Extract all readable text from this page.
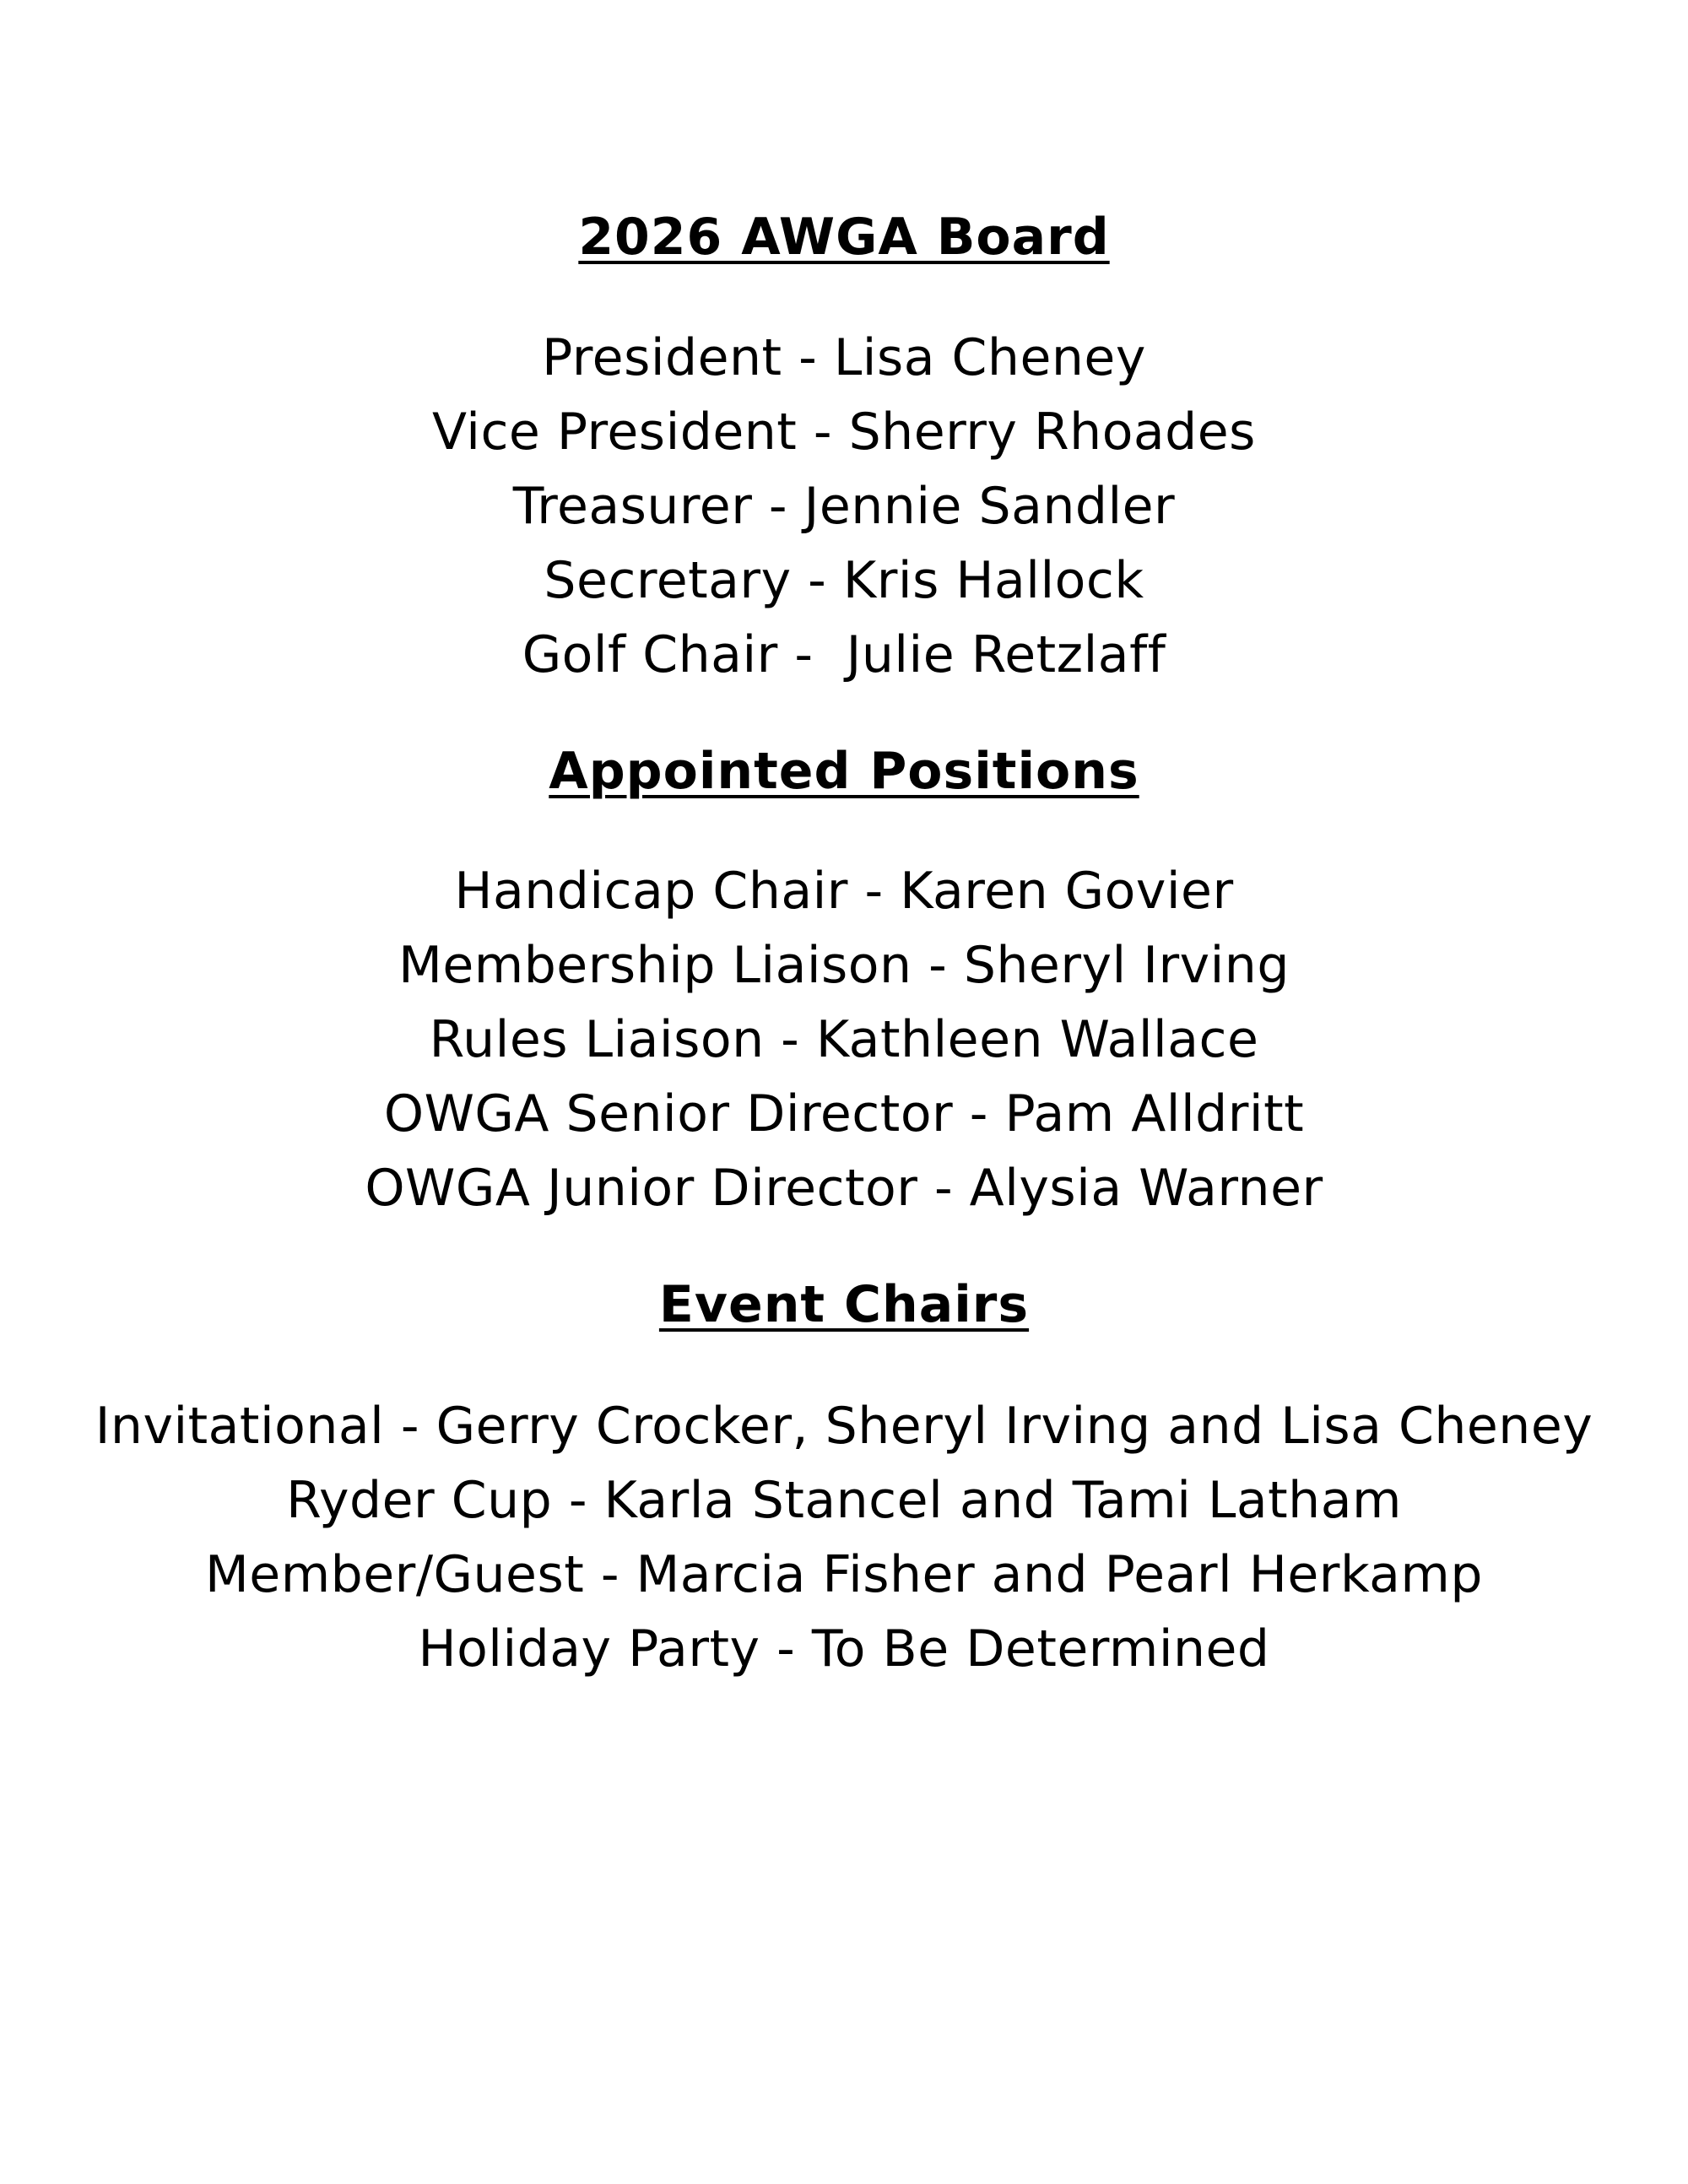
2026 AWGA Board

President - Lisa Cheney

Vice President - Sherry Rhoades

Treasurer - Jennie Sandler

Secretary - Kris Hallock

Golf Chair -  Julie Retzlaff

Appointed Positions

Handicap Chair - Karen Govier

Membership Liaison - Sheryl Irving

Rules Liaison - Kathleen Wallace

OWGA Senior Director - Pam Alldritt

OWGA Junior Director - Alysia Warner

Event Chairs

Invitational - Gerry Crocker, Sheryl Irving and Lisa Cheney

Ryder Cup - Karla Stancel and Tami Latham

Member/Guest - Marcia Fisher and Pearl Herkamp

Holiday Party - To Be Determined
